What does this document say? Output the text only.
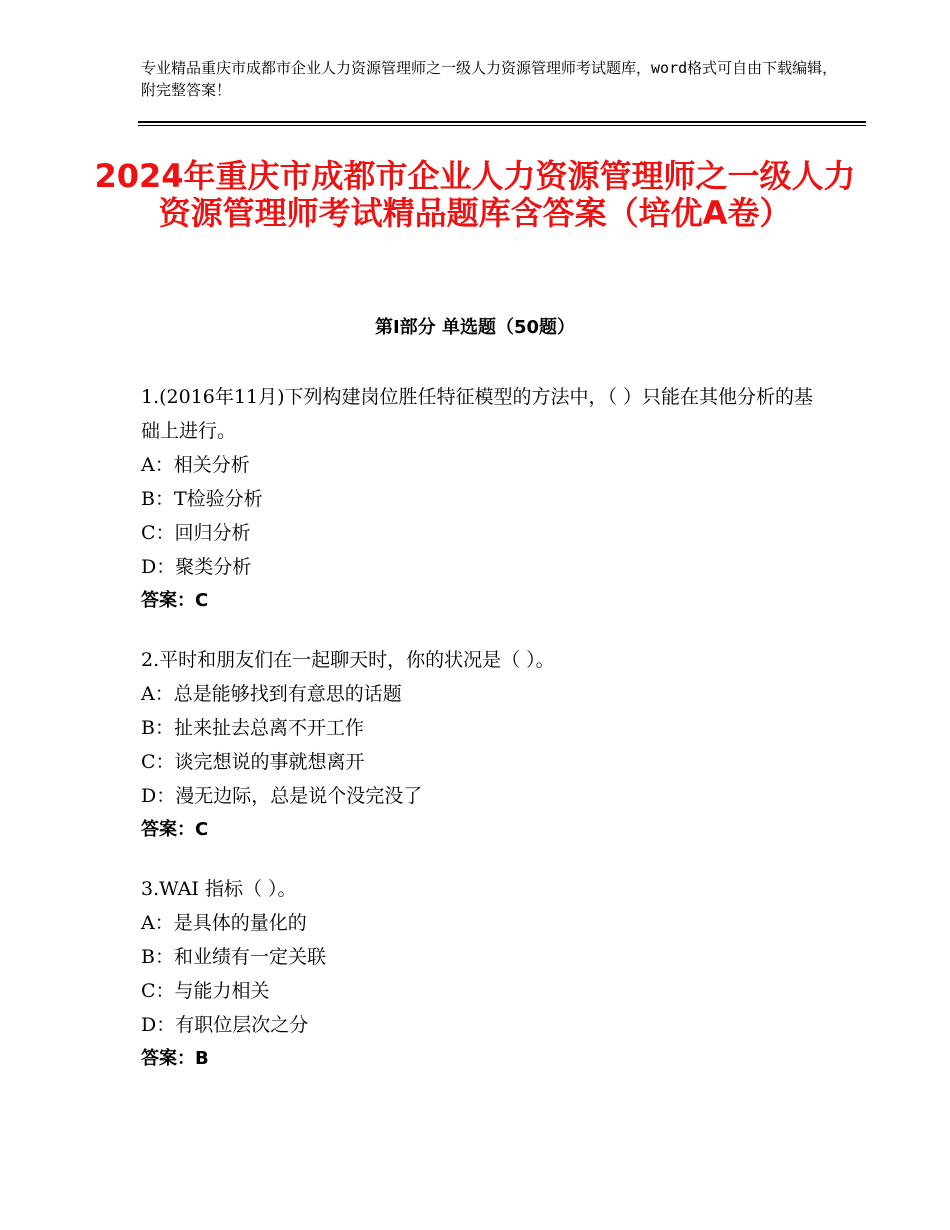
专业精品重庆市成都市企业人力资源管理师之一级人力资源管理师考试题库，word格式可自由下载编辑，附完整答案！
2024年重庆市成都市企业人力资源管理师之一级人力资源管理师考试精品题库含答案（培优A卷）
第Ⅰ部分 单选题（50题）
1.(2016年11月)下列构建岗位胜任特征模型的方法中，（ ）只能在其他分析的基础上进行。
A：相关分析
B：T检验分析
C：回归分析
D：聚类分析
答案：C
2.平时和朋友们在一起聊天时，你的状况是（ ）。
A：总是能够找到有意思的话题
B：扯来扯去总离不开工作
C：谈完想说的事就想离开
D：漫无边际，总是说个没完没了
答案：C
3.WAI 指标（ ）。
A：是具体的量化的
B：和业绩有一定关联
C：与能力相关
D：有职位层次之分
答案：B
